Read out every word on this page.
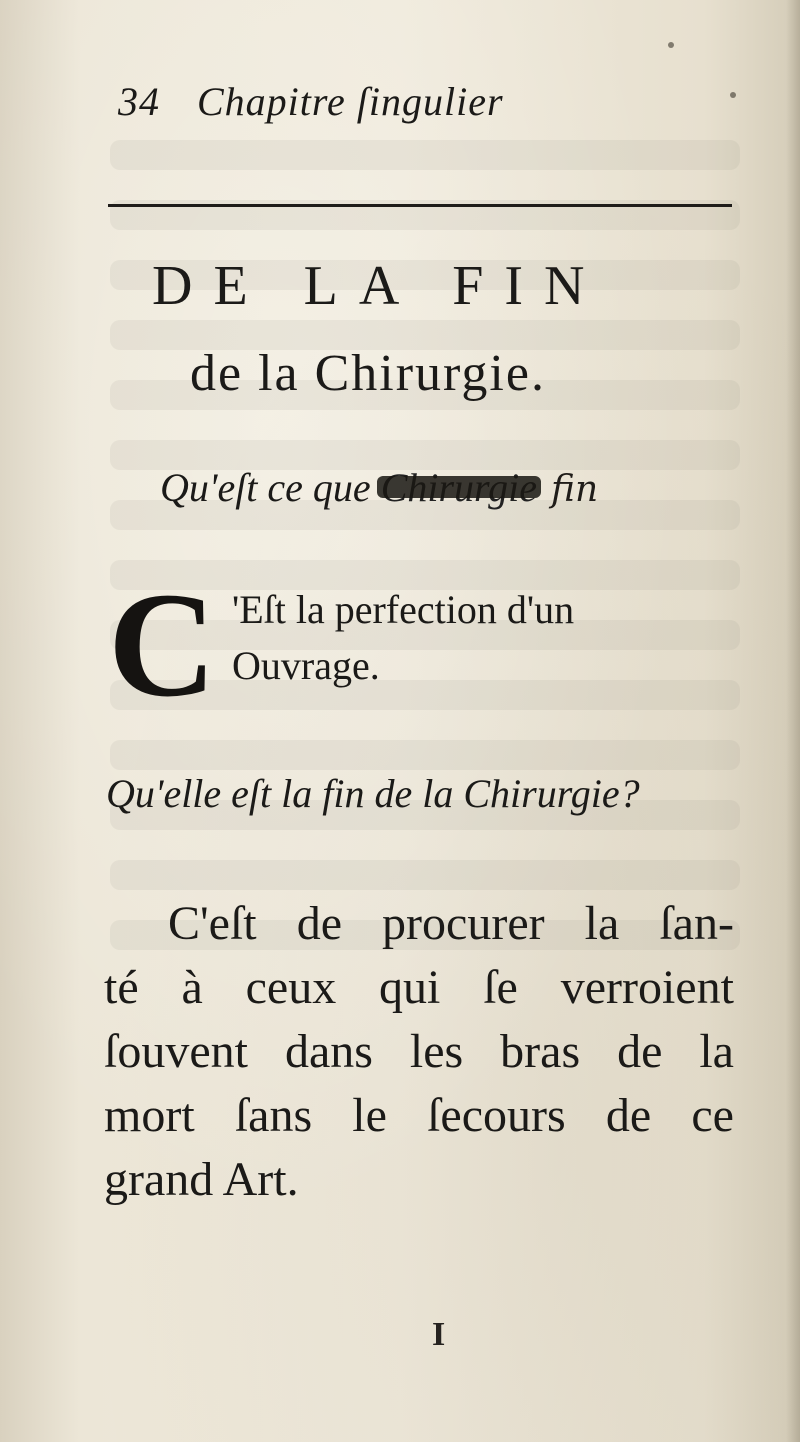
34 Chapitre ſingulier
DE LA FIN
de la Chirurgie.
Qu'eſt ce que	fin
C 'Eſt la perfection d'un
Ouvrage.
Qu'elle eſt la fin de la Chirurgie?
C'eſt de procurer la ſan-
té à ceux qui ſe verroient
ſouvent dans les bras de la
mort ſans le ſecours de ce
grand Art.
I
